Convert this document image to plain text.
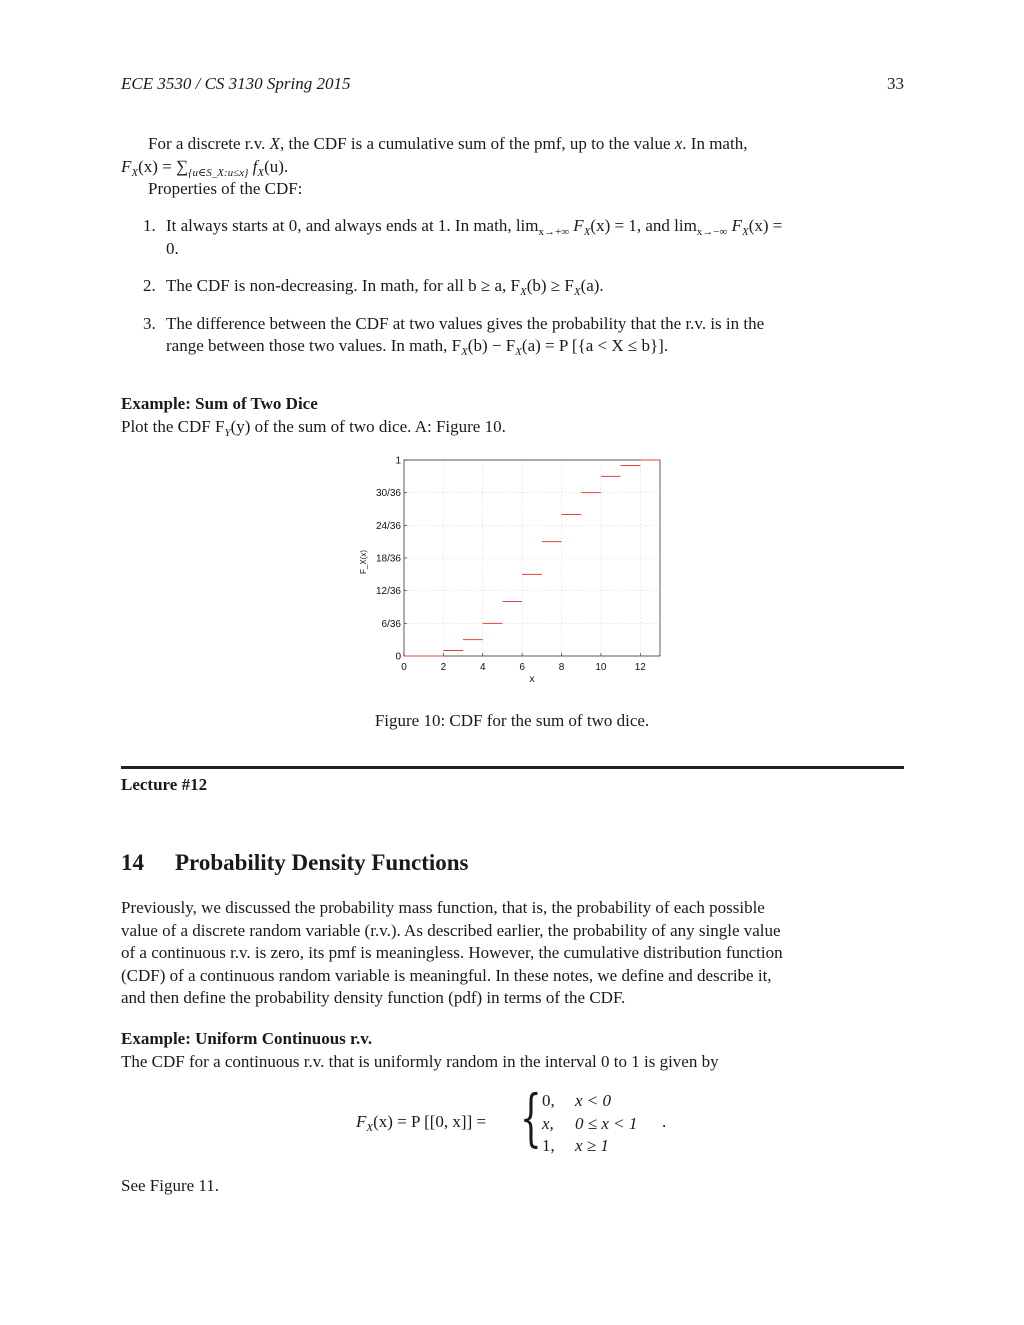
ECE 3530 / CS 3130 Spring 2015	33
For a discrete r.v. X, the CDF is a cumulative sum of the pmf, up to the value x. In math,
$F_X(x) = \sum_{\{u\in S\_X:u\le x\}}$ $f_X(u)$.
Properties of the CDF:
1. It always starts at 0, and always ends at 1. In math, $\lim_{x\to+\infty} F_X(x) = 1$, and $\lim_{x\to-\infty} F_X(x)$ =
0.
2. The CDF is non-decreasing. In math, for all b ≥ a, $F_X(b) \ge F_X(a)$.
3. The difference between the CDF at two values gives the probability that the r.v. is in the
range between those two values. In math, $F_X(b) - F_X(a) = P$ [{a < X ≤ b}].
Example: Sum of Two Dice
Plot the CDF $F_Y(y)$ of the sum of two dice. A: Figure 10.
0	2	4	6	8	10	12
0
6/36
12/36
18/36
24/36
30/36
1
x
F_X(x)
Figure 10: CDF for the sum of two dice.
Lecture #12
14 Probability Density Functions
Previously, we discussed the probability mass function, that is, the probability of each possible
value of a discrete random variable (r.v.). As described earlier, the probability of any single value
of a continuous r.v. is zero, its pmf is meaningless. However, the cumulative distribution function
(CDF) of a continuous random variable is meaningful. In these notes, we define and describe it,
and then define the probability density function (pdf) in terms of the CDF.
Example: Uniform Continuous r.v.
The CDF for a continuous r.v. that is uniformly random in the interval 0 to 1 is given by
$F_X(x) = P$ [[0, x]] = { 0, x < 0
x, 0 ≤ x < 1
1, x ≥ 1
.
See Figure 11.
